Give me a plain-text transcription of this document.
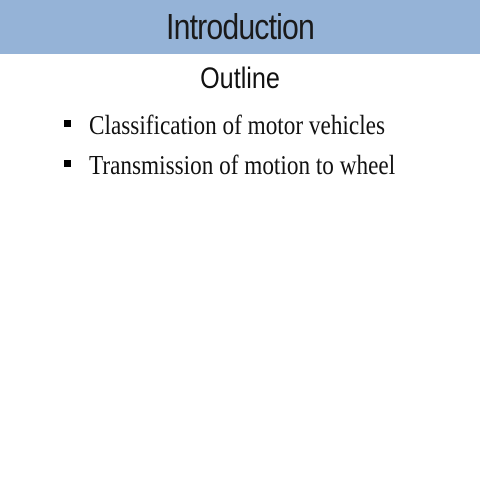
Introduction
Outline
Classification of motor vehicles
Transmission of motion to wheel
